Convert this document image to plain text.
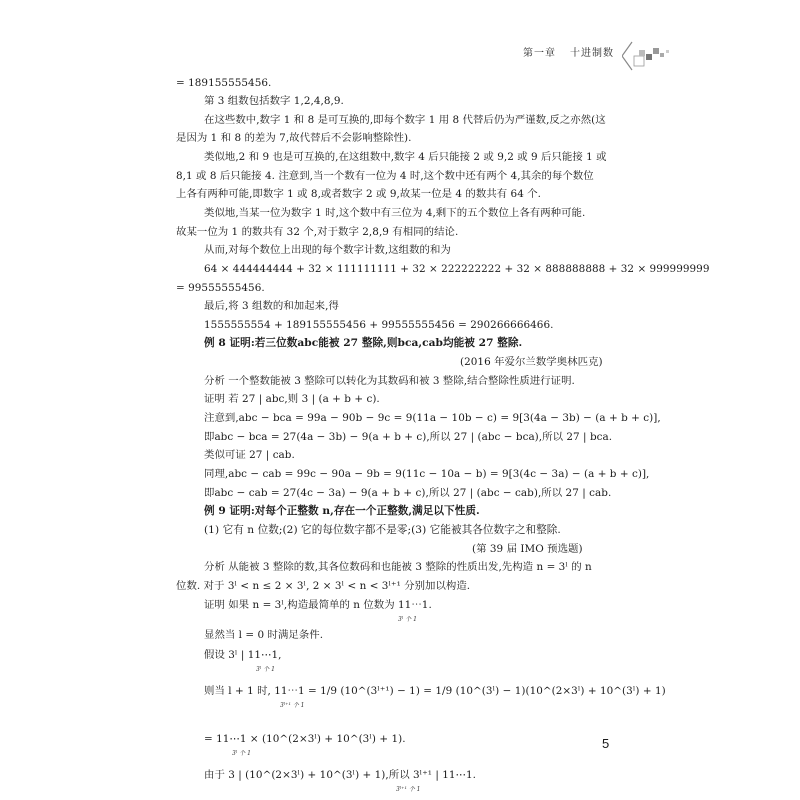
第一章 十进制数
= 189155555456.
第 3 组数包括数字 1,2,4,8,9.
在这些数中,数字 1 和 8 是可互换的,即每个数字 1 用 8 代替后仍为严谨数,反之亦然(这
是因为 1 和 8 的差为 7,故代替后不会影响整除性).
类似地,2 和 9 也是可互换的,在这组数中,数字 4 后只能接 2 或 9,2 或 9 后只能接 1 或
8,1 或 8 后只能接 4. 注意到,当一个数有一位为 4 时,这个数中还有两个 4,其余的每个数位
上各有两种可能,即数字 1 或 8,或者数字 2 或 9,故某一位是 4 的数共有 64 个.
类似地,当某一位为数字 1 时,这个数中有三位为 4,剩下的五个数位上各有两种可能.
故某一位为 1 的数共有 32 个,对于数字 2,8,9 有相同的结论.
从而,对每个数位上出现的每个数字计数,这组数的和为
64 × 444444444 + 32 × 111111111 + 32 × 222222222 + 32 × 888888888 + 32 × 999999999
= 99555555456.
最后,将 3 组数的和加起来,得
1555555554 + 189155555456 + 99555555456 = 290266666466.
例 8 证明:若三位数abc能被 27 整除,则bca,cab均能被 27 整除.
(2016 年爱尔兰数学奥林匹克)
分析 一个整数能被 3 整除可以转化为其数码和被 3 整除,结合整除性质进行证明.
证明 若 27 | abc,则 3 | (a + b + c).
注意到,abc − bca = 99a − 90b − 9c = 9(11a − 10b − c) = 9[3(4a − 3b) − (a + b + c)],
即abc − bca = 27(4a − 3b) − 9(a + b + c),所以 27 | (abc − bca),所以 27 | bca.
类似可证 27 | cab.
同理,abc − cab = 99c − 90a − 9b = 9(11c − 10a − b) = 9[3(4c − 3a) − (a + b + c)],
即abc − cab = 27(4c − 3a) − 9(a + b + c),所以 27 | (abc − cab),所以 27 | cab.
例 9 证明:对每个正整数 n,存在一个正整数,满足以下性质.
(1) 它有 n 位数;(2) 它的每位数字都不是零;(3) 它能被其各位数字之和整除.
(第 39 届 IMO 预选题)
分析 从能被 3 整除的数,其各位数码和也能被 3 整除的性质出发,先构造 n = 3ˡ 的 n
位数. 对于 3ˡ < n ≤ 2 × 3ˡ, 2 × 3ˡ < n < 3ˡ⁺¹ 分别加以构造.
证明 如果 n = 3ˡ,构造最简单的 n 位数为 11⋯1.
3ˡ 个 1
显然当 l = 0 时满足条件.
假设 3ˡ | 11⋯1,
3ˡ 个 1
则当 l + 1 时, 11⋯1 = 1/9 (10^(3ˡ⁺¹) − 1) = 1/9 (10^(3ˡ) − 1)(10^(2×3ˡ) + 10^(3ˡ) + 1)
3ˡ⁺¹ 个 1
= 11⋯1 × (10^(2×3ˡ) + 10^(3ˡ) + 1).
3ˡ 个 1
由于 3 | (10^(2×3ˡ) + 10^(3ˡ) + 1),所以 3ˡ⁺¹ | 11⋯1.
3ˡ⁺¹ 个 1
5
